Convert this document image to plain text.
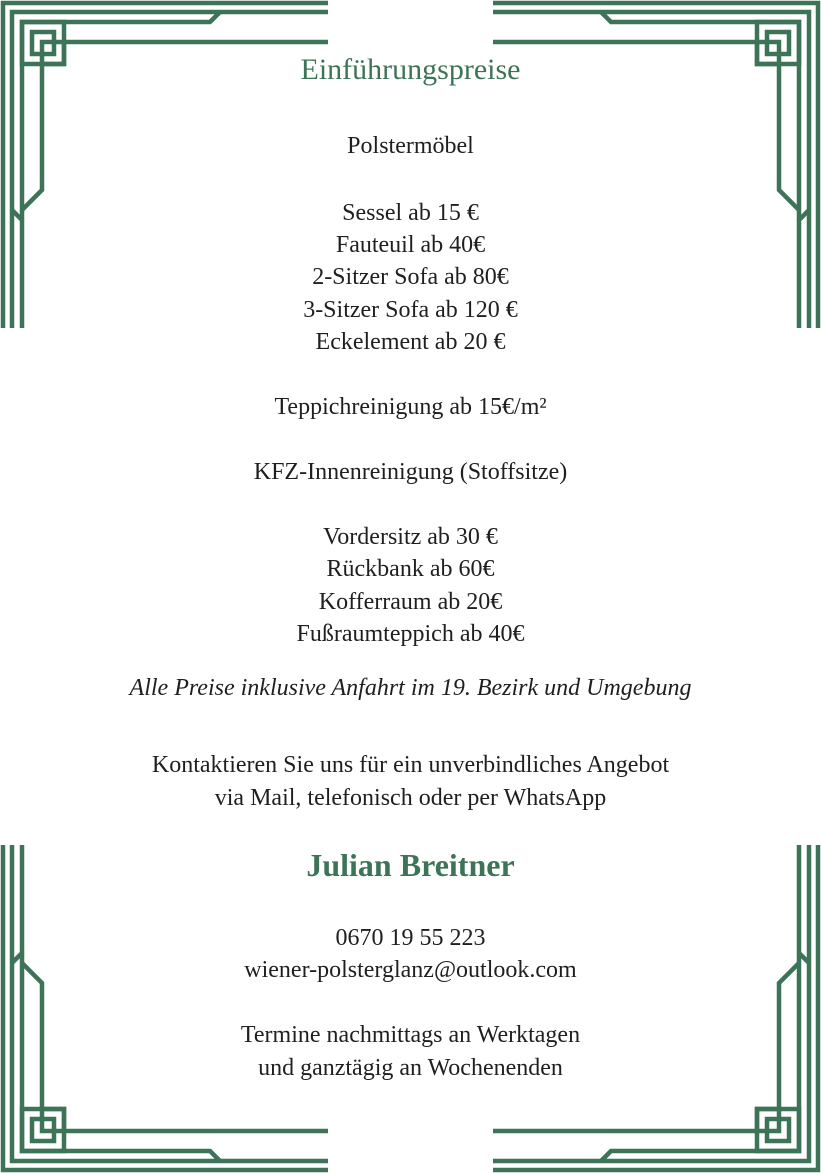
Einführungspreise
Polstermöbel
Sessel ab 15 €
Fauteuil ab 40€
2-Sitzer Sofa ab 80€
3-Sitzer Sofa ab 120 €
Eckelement ab 20 €
Teppichreinigung ab 15€/m²
KFZ-Innenreinigung (Stoffsitze)
Vordersitz ab 30 €
Rückbank ab 60€
Kofferraum ab 20€
Fußraumteppich ab 40€
Alle Preise inklusive Anfahrt im 19. Bezirk und Umgebung
Kontaktieren Sie uns für ein unverbindliches Angebot
via Mail, telefonisch oder per WhatsApp
Julian Breitner
0670 19 55 223
wiener-polsterglanz@outlook.com
Termine nachmittags an Werktagen
und ganztägig an Wochenenden
